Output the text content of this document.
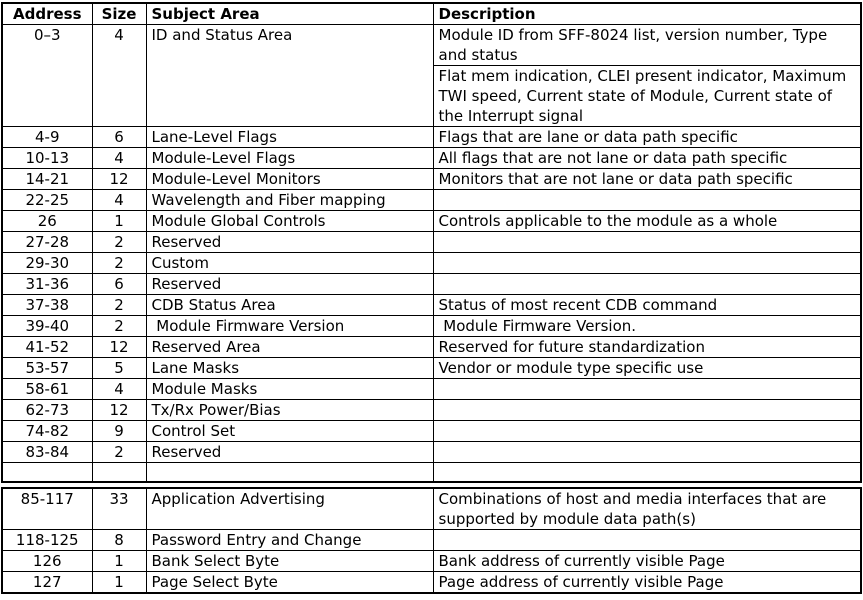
Address	Size	Subject Area	Description
0–3	4	ID and Status Area	Module ID from SFF-8024 list, version number, Type and status
			Flat mem indication, CLEI present indicator, Maximum TWI speed, Current state of Module, Current state of the Interrupt signal
4-9	6	Lane-Level Flags	Flags that are lane or data path specific
10-13	4	Module-Level Flags	All flags that are not lane or data path specific
14-21	12	Module-Level Monitors	Monitors that are not lane or data path specific
22-25	4	Wavelength and Fiber mapping	
26	1	Module Global Controls	Controls applicable to the module as a whole
27-28	2	Reserved	
29-30	2	Custom	
31-36	6	Reserved	
37-38	2	CDB Status Area	Status of most recent CDB command
39-40	2	Module Firmware Version	Module Firmware Version.
41-52	12	Reserved Area	Reserved for future standardization
53-57	5	Lane Masks	Vendor or module type specific use
58-61	4	Module Masks	
62-73	12	Tx/Rx Power/Bias	
74-82	9	Control Set	
83-84	2	Reserved	

85-117	33	Application Advertising	Combinations of host and media interfaces that are supported by module data path(s)
118-125	8	Password Entry and Change	
126	1	Bank Select Byte	Bank address of currently visible Page
127	1	Page Select Byte	Page address of currently visible Page
